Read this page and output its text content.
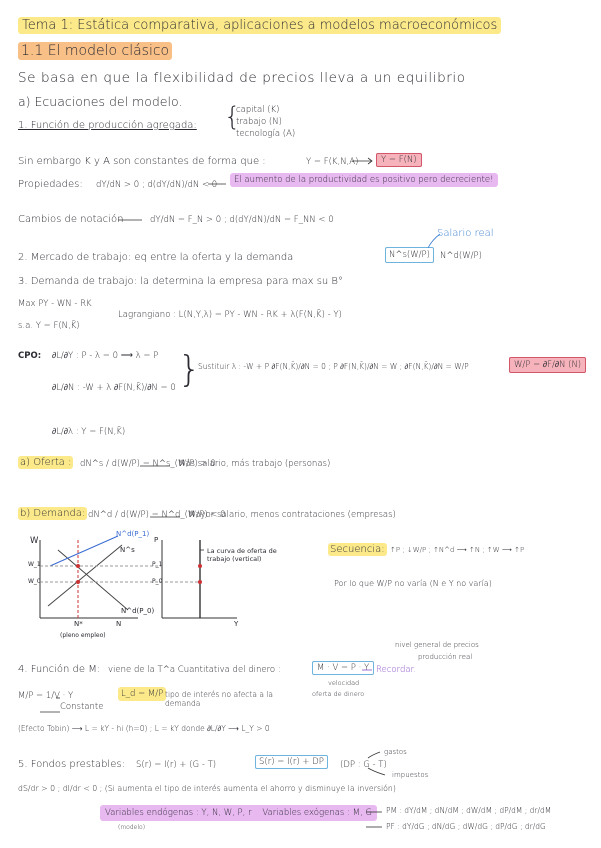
Tema 1: Estática comparativa, aplicaciones a modelos macroeconómicos
1.1 El modelo clásico
Se basa en que la flexibilidad de precios lleva a un equilibrio
a) Ecuaciones del modelo.
1. Función de producción agregada: {
capital (K)
trabajo (N)
tecnología (A)
Sin embargo K y A son constantes de forma que :	Y = F(K,N,A)	Y = F(N)
Propiedades: dY/dN > 0 ; d(dY/dN)/dN < 0	El aumento de la productividad es positivo pero decreciente!
Cambios de notación	dY/dN = F_N > 0 ; d(dY/dN)/dN = F_NN < 0
Salario real
2. Mercado de trabajo: eq entre la oferta y la demanda	N^s(W/P)	N^d(W/P)
3. Demanda de trabajo: la determina la empresa para max su B°
Max PY - WN - RK
s.a. Y = F(N,K̄)
Lagrangiano : L(N,Y,λ) = PY - WN - RK + λ(F(N,K̄) - Y)
CPO: ∂L/∂Y : P - λ = 0 ⟶ λ = P
∂L/∂N : -W + λ ∂F(N,K̄)/∂N = 0
∂L/∂λ : Y = F(N,K̄)
}
Sustituir λ : -W + P ∂F(N,K̄)/∂N = 0 ; P ∂F(N,K̄)/∂N = W ; ∂F(N,K̄)/∂N = W/P	W/P = ∂F/∂N (N)
a) Oferta : dN^s / d(W/P) = N^s_(W/P) > 0
Más salario, más trabajo (personas)
b) Demanda: dN^d / d(W/P) = N^d_(W/P) < 0
Mayor salario, menos contrataciones (empresas)
W
N^d(P_1)
N^s
N^d(P_0)
W_1
W_0
P_1
P_0
N*	N
(pleno empleo)
P
Y
La curva de oferta de trabajo (vertical)
Secuencia: ↑P ; ↓W/P ; ↑N^d ⟶ ↑N ; ↑W ⟶ ↑P
Por lo que W/P no varía (N e Y no varía)
nivel general de precios
producción real
4. Función de M: viene de la T^a Cuantitativa del dinero :	M · V = P · Y Recordar.
velocidad
oferta de dinero
M/P = 1/V · Y
Constante
L_d = M/P tipo de interés no afecta a la demanda
(Efecto Tobin) ⟶ L = kY - hi (h=0) ; L = kY donde ∂L/∂Y ⟶ L_Y > 0
gastos
5. Fondos prestables: S(r) = I(r) + (G - T)	S(r) = I(r) + DP	(DP : G - T)
impuestos
dS/dr > 0 ; dI/dr < 0 ; (Si aumenta el tipo de interés aumenta el ahorro y disminuye la inversión)
Variables endógenas : Y, N, W, P, r Variables exógenas : M, G
(modelo)
PM : dY/dM ; dN/dM ; dW/dM ; dP/dM ; dr/dM
PF : dY/dG ; dN/dG ; dW/dG ; dP/dG ; dr/dG
